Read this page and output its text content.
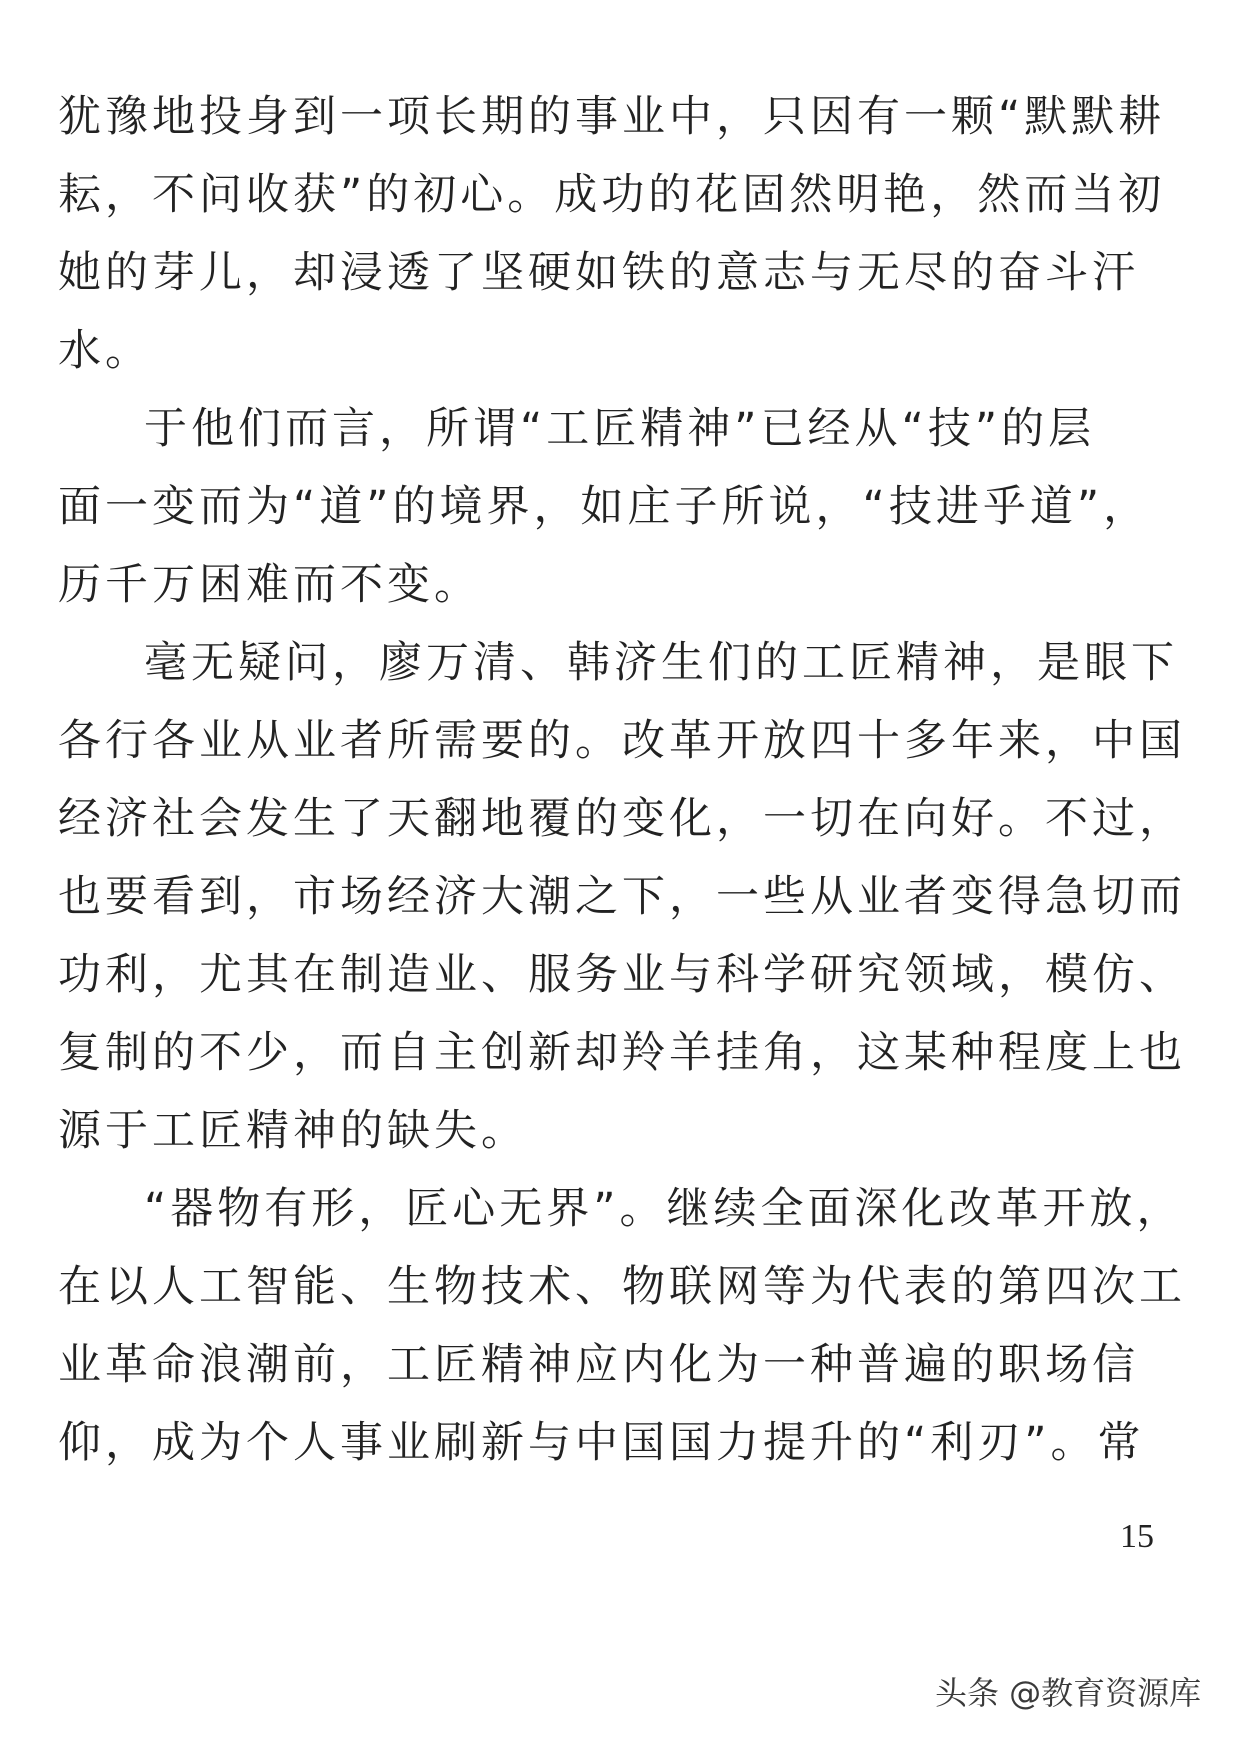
犹豫地投身到一项长期的事业中，只因有一颗“默默耕
耘，不问收获”的初心。成功的花固然明艳，然而当初
她的芽儿，却浸透了坚硬如铁的意志与无尽的奋斗汗
水。
于他们而言，所谓“工匠精神”已经从“技”的层
面一变而为“道”的境界，如庄子所说，“技进乎道”，
历千万困难而不变。
毫无疑问，廖万清、韩济生们的工匠精神，是眼下
各行各业从业者所需要的。改革开放四十多年来，中国
经济社会发生了天翻地覆的变化，一切在向好。不过，
也要看到，市场经济大潮之下，一些从业者变得急切而
功利，尤其在制造业、服务业与科学研究领域，模仿、
复制的不少，而自主创新却羚羊挂角，这某种程度上也
源于工匠精神的缺失。
“器物有形，匠心无界”。继续全面深化改革开放，
在以人工智能、生物技术、物联网等为代表的第四次工
业革命浪潮前，工匠精神应内化为一种普遍的职场信
仰，成为个人事业刷新与中国国力提升的“利刃”。常
15
头条 @教育资源库
